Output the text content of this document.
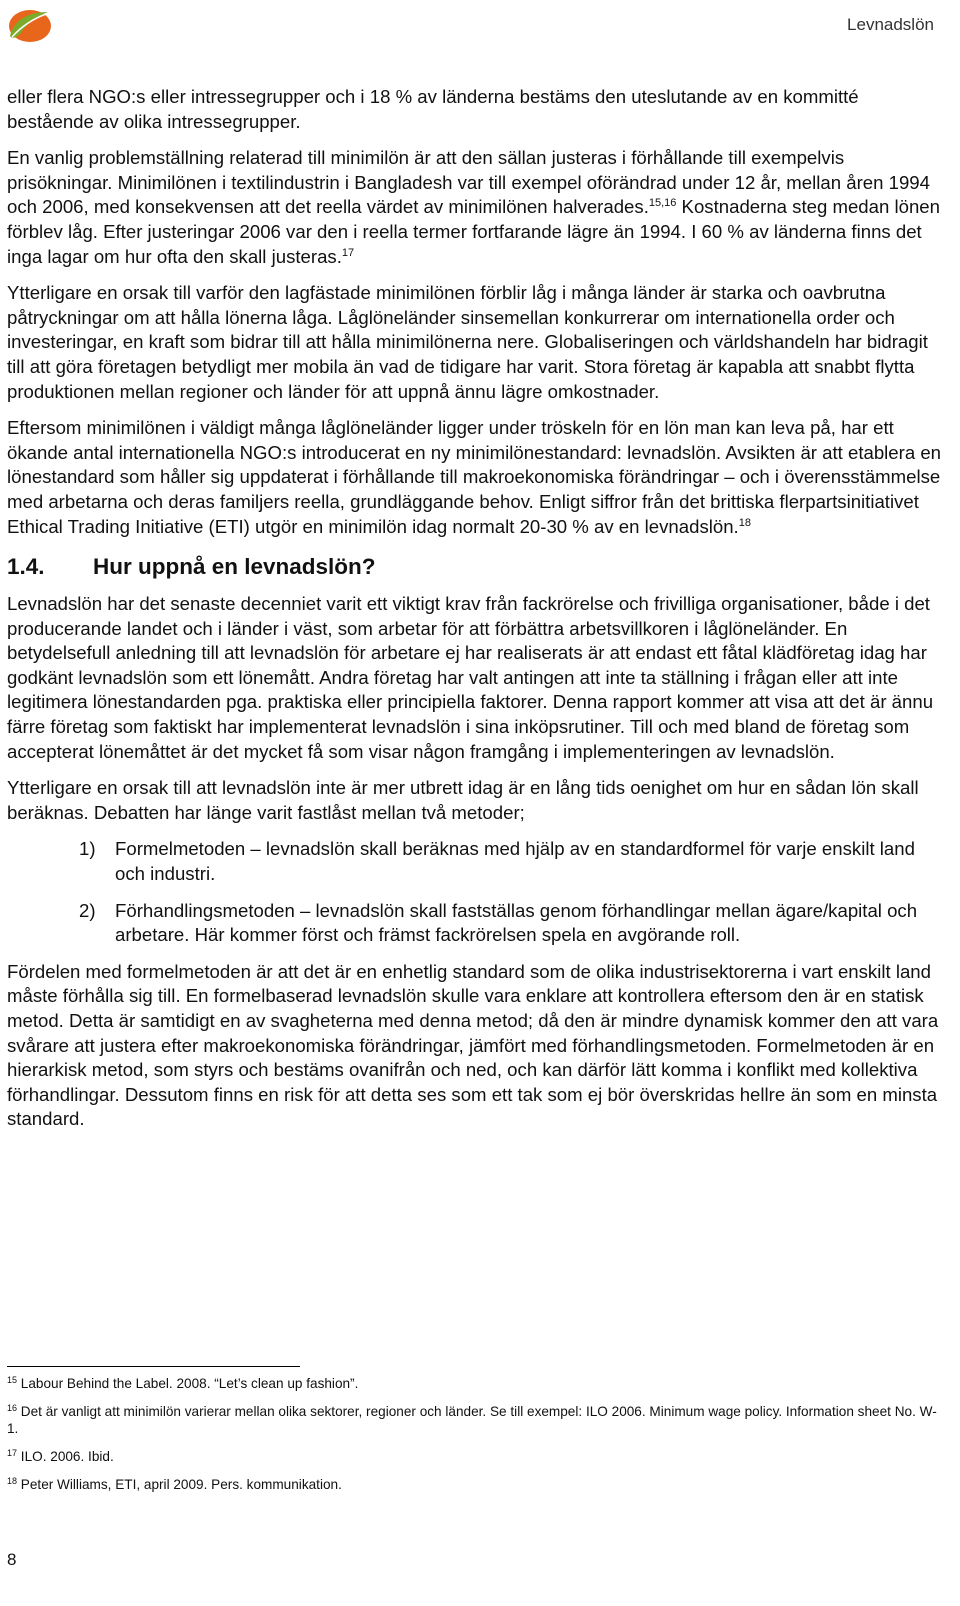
Levnadslön

eller flera NGO:s eller intressegrupper och i 18 % av länderna bestäms den uteslutande av en kommitté bestående av olika intressegrupper.

En vanlig problemställning relaterad till minimilön är att den sällan justeras i förhållande till exempelvis prisökningar. Minimilönen i textilindustrin i Bangladesh var till exempel oförändrad under 12 år, mellan åren 1994 och 2006, med konsekvensen att det reella värdet av minimilönen halverades.$^{15,16}$ Kostnaderna steg medan lönen förblev låg. Efter justeringar 2006 var den i reella termer fortfarande lägre än 1994. I 60 % av länderna finns det inga lagar om hur ofta den skall justeras.$^{17}$

Ytterligare en orsak till varför den lagfästade minimilönen förblir låg i många länder är starka och oavbrutna påtryckningar om att hålla lönerna låga. Låglöneländer sinsemellan konkurrerar om internationella order och investeringar, en kraft som bidrar till att hålla minimilönerna nere. Globaliseringen och världshandeln har bidragit till att göra företagen betydligt mer mobila än vad de tidigare har varit. Stora företag är kapabla att snabbt flytta produktionen mellan regioner och länder för att uppnå ännu lägre omkostnader.

Eftersom minimilönen i väldigt många låglöneländer ligger under tröskeln för en lön man kan leva på, har ett ökande antal internationella NGO:s introducerat en ny minimilönestandard: levnadslön. Avsikten är att etablera en lönestandard som håller sig uppdaterat i förhållande till makroekonomiska förändringar – och i överensstämmelse med arbetarna och deras familjers reella, grundläggande behov. Enligt siffror från det brittiska flerpartsinitiativet Ethical Trading Initiative (ETI) utgör en minimilön idag normalt 20-30 % av en levnadslön.$^{18}$

1.4. Hur uppnå en levnadslön?

Levnadslön har det senaste decenniet varit ett viktigt krav från fackrörelse och frivilliga organisationer, både i det producerande landet och i länder i väst, som arbetar för att förbättra arbetsvillkoren i låglöneländer. En betydelsefull anledning till att levnadslön för arbetare ej har realiserats är att endast ett fåtal klädföretag idag har godkänt levnadslön som ett lönemått. Andra företag har valt antingen att inte ta ställning i frågan eller att inte legitimera lönestandarden pga. praktiska eller principiella faktorer. Denna rapport kommer att visa att det är ännu färre företag som faktiskt har implementerat levnadslön i sina inköpsrutiner. Till och med bland de företag som accepterat lönemåttet är det mycket få som visar någon framgång i implementeringen av levnadslön.

Ytterligare en orsak till att levnadslön inte är mer utbrett idag är en lång tids oenighet om hur en sådan lön skall beräknas. Debatten har länge varit fastlåst mellan två metoder;

1) Formelmetoden – levnadslön skall beräknas med hjälp av en standardformel för varje enskilt land och industri.
2) Förhandlingsmetoden – levnadslön skall fastställas genom förhandlingar mellan ägare/kapital och arbetare. Här kommer först och främst fackrörelsen spela en avgörande roll.

Fördelen med formelmetoden är att det är en enhetlig standard som de olika industrisektorerna i vart enskilt land måste förhålla sig till. En formelbaserad levnadslön skulle vara enklare att kontrollera eftersom den är en statisk metod. Detta är samtidigt en av svagheterna med denna metod; då den är mindre dynamisk kommer den att vara svårare att justera efter makroekonomiska förändringar, jämfört med förhandlingsmetoden. Formelmetoden är en hierarkisk metod, som styrs och bestäms ovanifrån och ned, och kan därför lätt komma i konflikt med kollektiva förhandlingar. Dessutom finns en risk för att detta ses som ett tak som ej bör överskridas hellre än som en minsta standard.

$^{15}$ Labour Behind the Label. 2008. “Let’s clean up fashion”.

$^{16}$ Det är vanligt att minimilön varierar mellan olika sektorer, regioner och länder. Se till exempel: ILO 2006. Minimum wage policy. Information sheet No. W-1.

$^{17}$ ILO. 2006. Ibid.

$^{18}$ Peter Williams, ETI, april 2009. Pers. kommunikation.

8
